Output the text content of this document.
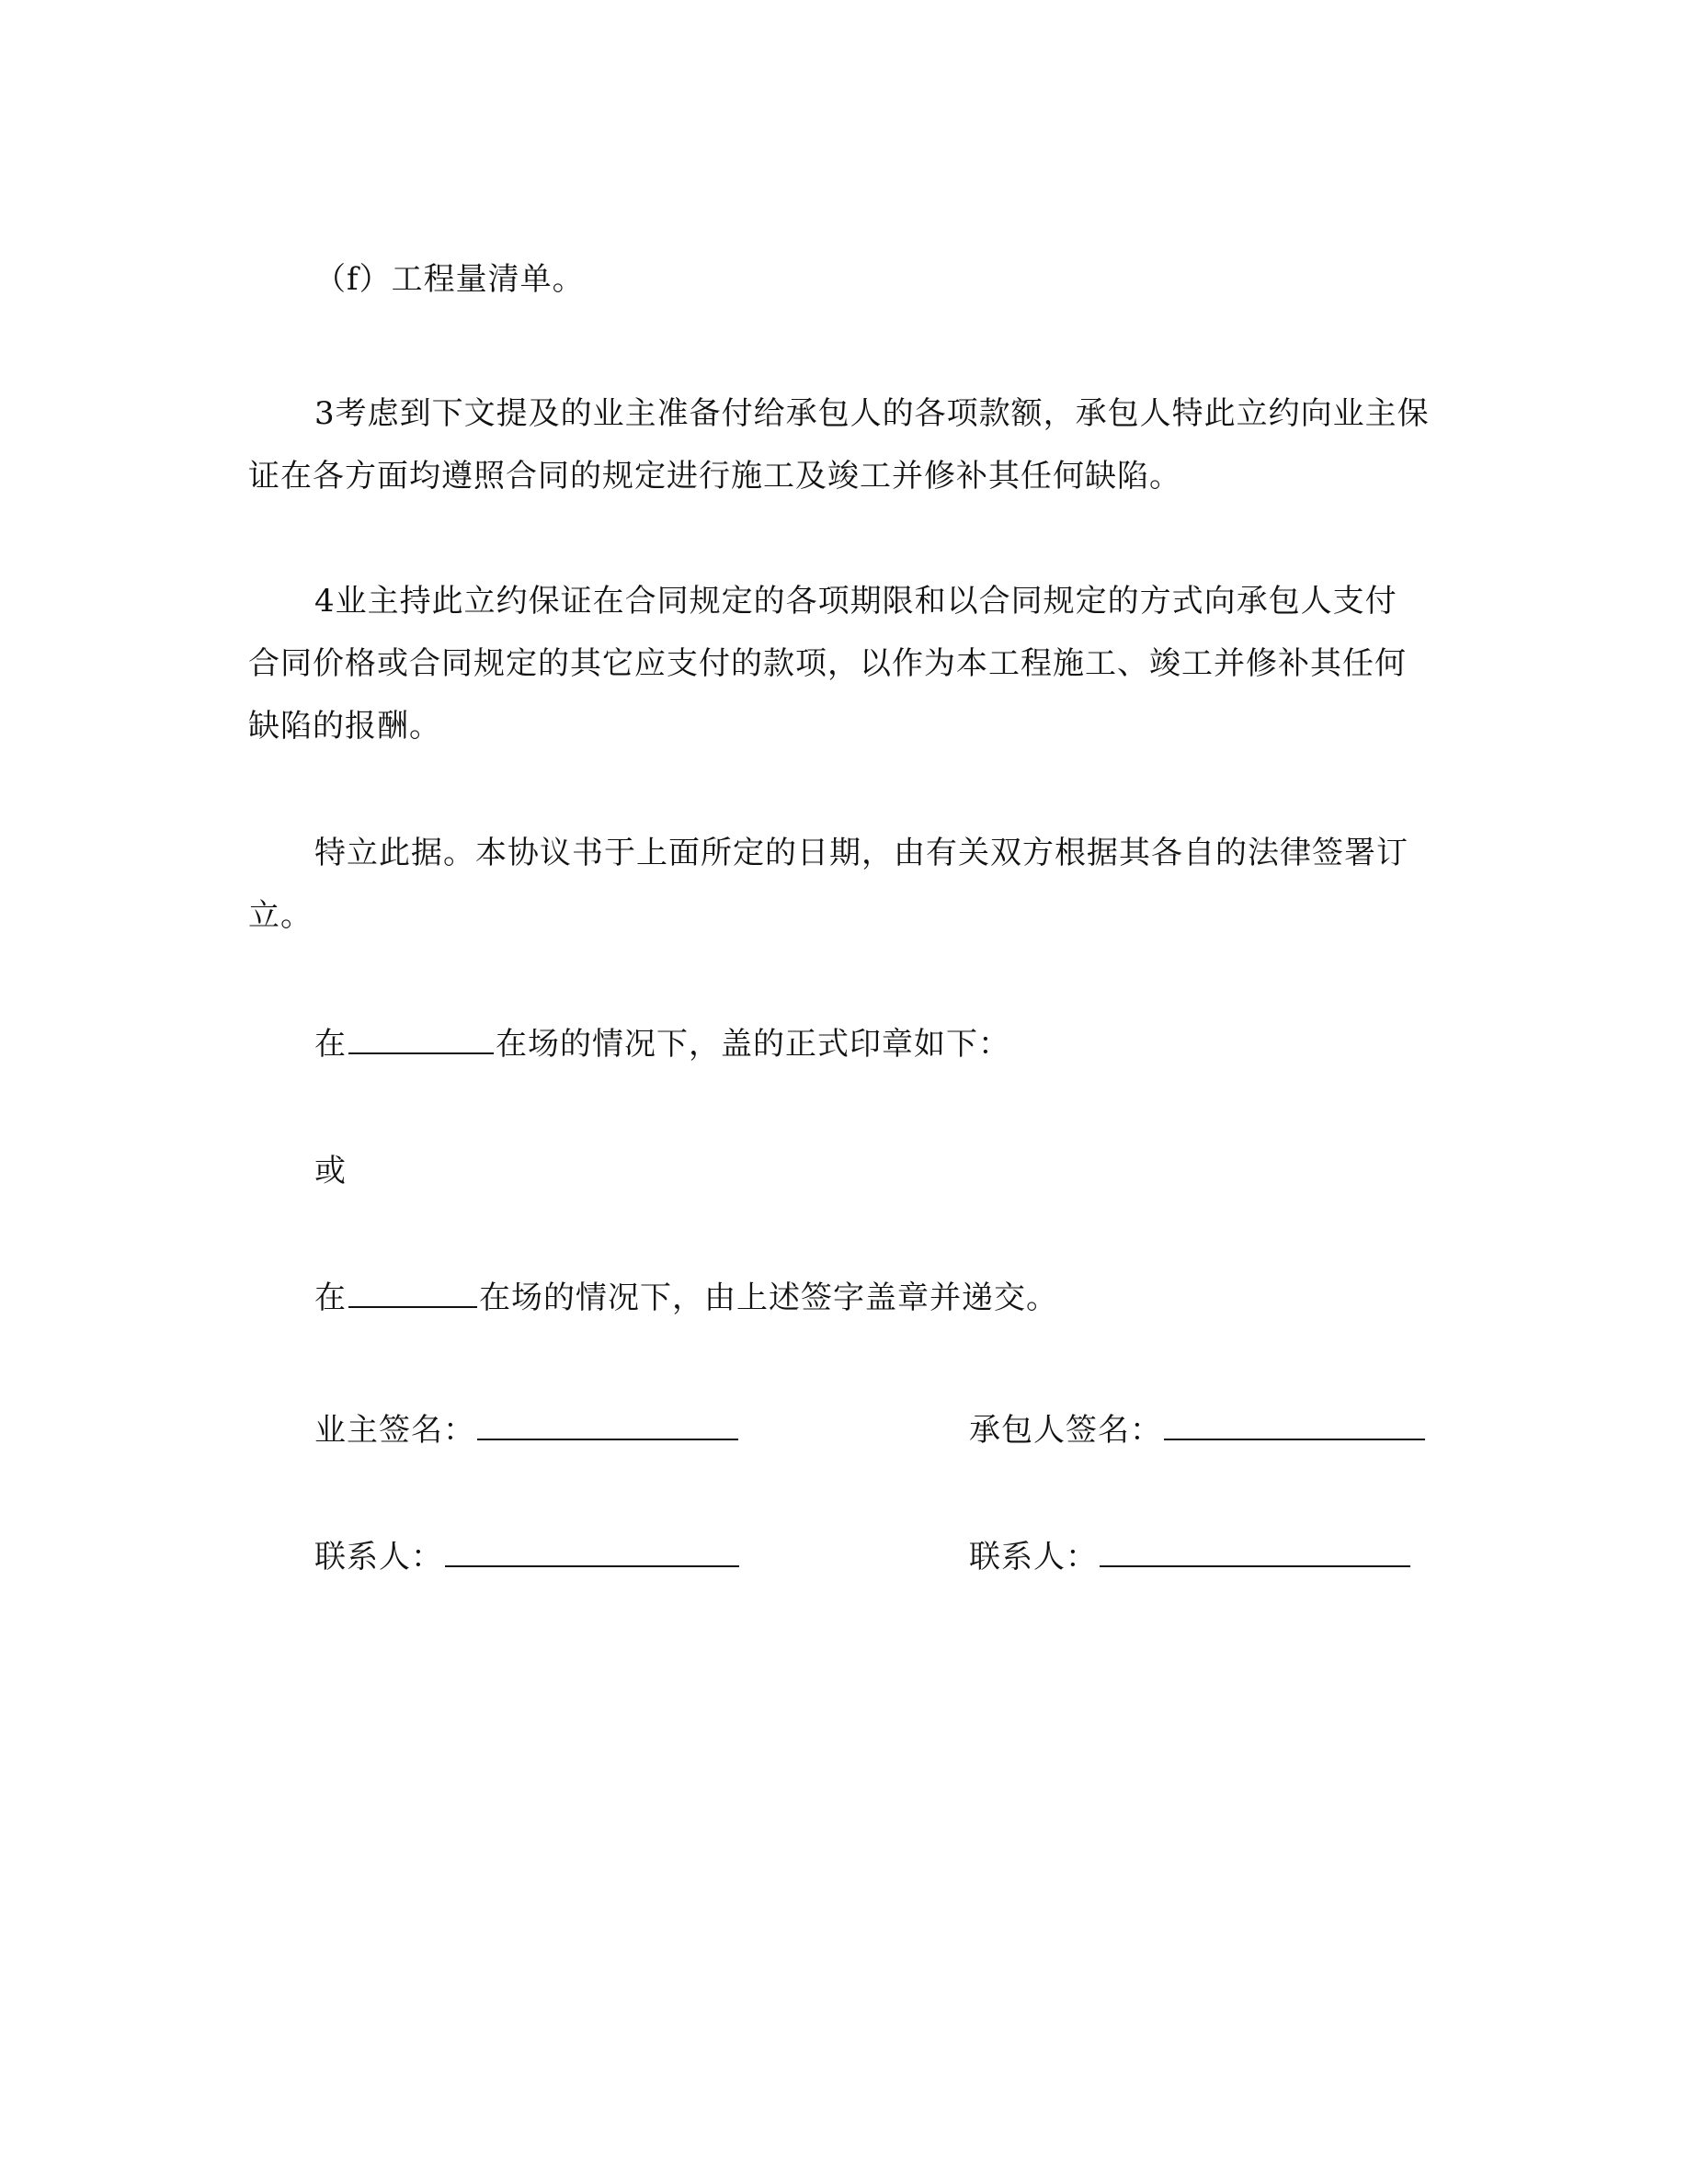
（f）工程量清单。
3考虑到下文提及的业主准备付给承包人的各项款额，承包人特此立约向业主保
证在各方面均遵照合同的规定进行施工及竣工并修补其任何缺陷。
4业主持此立约保证在合同规定的各项期限和以合同规定的方式向承包人支付
合同价格或合同规定的其它应支付的款项，以作为本工程施工、竣工并修补其任何
缺陷的报酬。
特立此据。本协议书于上面所定的日期，由有关双方根据其各自的法律签署订
立。
在	在场的情况下，盖的正式印章如下：
或
在	在场的情况下，由上述签字盖章并递交。
业主签名：	承包人签名：
联系人：	联系人：
